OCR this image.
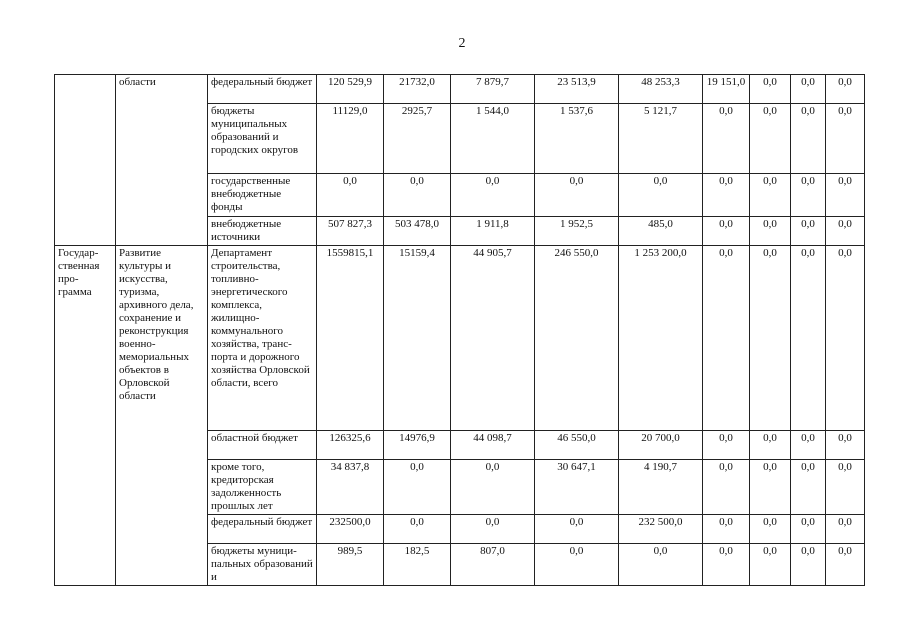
2
	области	федеральный бюджет	120 529,9	21732,0	7 879,7	23 513,9	48 253,3	19 151,0	0,0	0,0	0,0
		бюджеты муниципальных образований и городских округов	11129,0	2925,7	1 544,0	1 537,6	5 121,7	0,0	0,0	0,0	0,0
		государственные внебюджетные фонды	0,0	0,0	0,0	0,0	0,0	0,0	0,0	0,0	0,0
		внебюджетные источники	507 827,3	503 478,0	1 911,8	1 952,5	485,0	0,0	0,0	0,0	0,0
Государ-ственная про-грамма	Развитие культуры и искусства, туризма, архивного дела, сохранение и реконструкция военно-мемориальных объектов в Орловской области	Департамент строительства, топливно-энергетического комплекса, жилищно-коммунального хозяйства, транс-порта и дорожного хозяйства Орловской области, всего	1559815,1	15159,4	44 905,7	246 550,0	1 253 200,0	0,0	0,0	0,0	0,0
		областной бюджет	126325,6	14976,9	44 098,7	46 550,0	20 700,0	0,0	0,0	0,0	0,0
		кроме того, кредиторская задолженность прошлых лет	34 837,8	0,0	0,0	30 647,1	4 190,7	0,0	0,0	0,0	0,0
		федеральный бюджет	232500,0	0,0	0,0	0,0	232 500,0	0,0	0,0	0,0	0,0
		бюджеты муници-пальных образований и	989,5	182,5	807,0	0,0	0,0	0,0	0,0	0,0	0,0
